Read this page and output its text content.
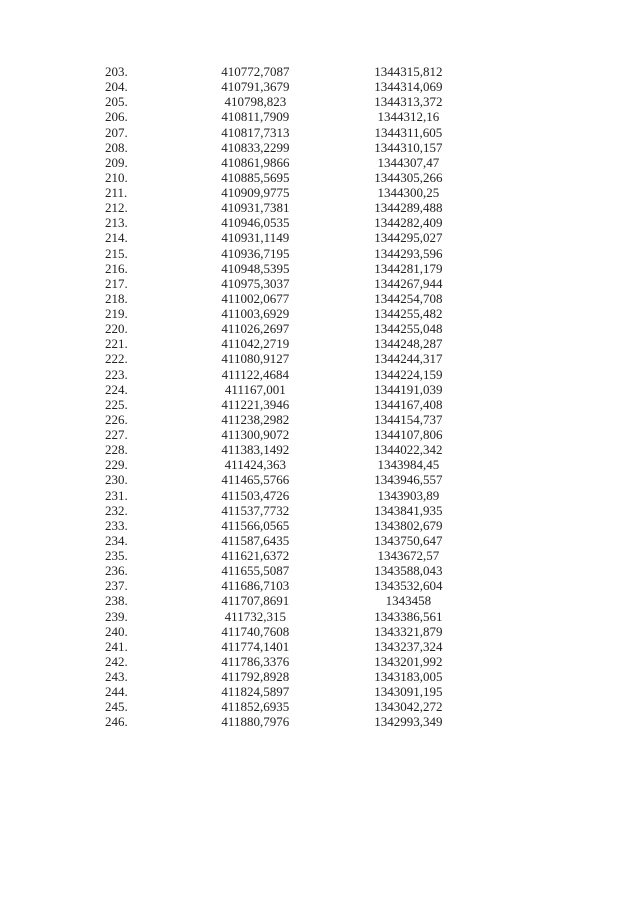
203.	410772,7087	1344315,812
204.	410791,3679	1344314,069
205.	410798,823	1344313,372
206.	410811,7909	1344312,16
207.	410817,7313	1344311,605
208.	410833,2299	1344310,157
209.	410861,9866	1344307,47
210.	410885,5695	1344305,266
211.	410909,9775	1344300,25
212.	410931,7381	1344289,488
213.	410946,0535	1344282,409
214.	410931,1149	1344295,027
215.	410936,7195	1344293,596
216.	410948,5395	1344281,179
217.	410975,3037	1344267,944
218.	411002,0677	1344254,708
219.	411003,6929	1344255,482
220.	411026,2697	1344255,048
221.	411042,2719	1344248,287
222.	411080,9127	1344244,317
223.	411122,4684	1344224,159
224.	411167,001	1344191,039
225.	411221,3946	1344167,408
226.	411238,2982	1344154,737
227.	411300,9072	1344107,806
228.	411383,1492	1344022,342
229.	411424,363	1343984,45
230.	411465,5766	1343946,557
231.	411503,4726	1343903,89
232.	411537,7732	1343841,935
233.	411566,0565	1343802,679
234.	411587,6435	1343750,647
235.	411621,6372	1343672,57
236.	411655,5087	1343588,043
237.	411686,7103	1343532,604
238.	411707,8691	1343458
239.	411732,315	1343386,561
240.	411740,7608	1343321,879
241.	411774,1401	1343237,324
242.	411786,3376	1343201,992
243.	411792,8928	1343183,005
244.	411824,5897	1343091,195
245.	411852,6935	1343042,272
246.	411880,7976	1342993,349
